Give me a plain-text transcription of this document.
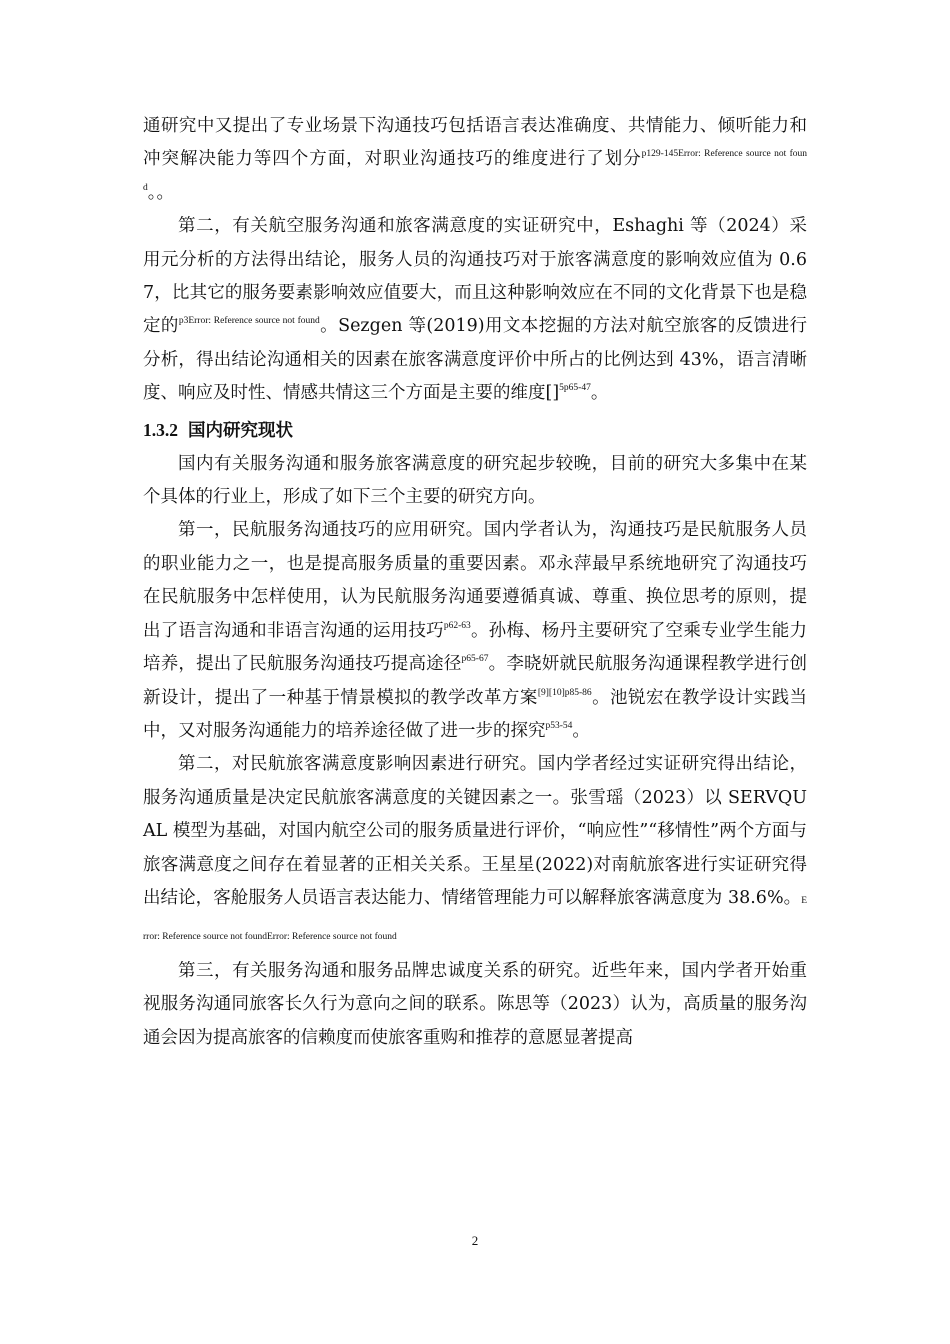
通研究中又提出了专业场景下沟通技巧包括语言表达准确度、共情能力、倾听能力和冲突解决能力等四个方面，对职业沟通技巧的维度进行了划分$^{p129-145Error: Reference source not found}$。。

第二，有关航空服务沟通和旅客满意度的实证研究中，Eshaghi 等（2024）采用元分析的方法得出结论，服务人员的沟通技巧对于旅客满意度的影响效应值为 0.67，比其它的服务要素影响效应值要大，而且这种影响效应在不同的文化背景下也是稳定的$^{p3Error: Reference source not found}$。Sezgen 等(2019)用文本挖掘的方法对航空旅客的反馈进行分析，得出结论沟通相关的因素在旅客满意度评价中所占的比例达到 43%，语言清晰度、响应及时性、情感共情这三个方面是主要的维度[]$^{5p65-47}$。

1.3.2 国内研究现状

国内有关服务沟通和服务旅客满意度的研究起步较晚，目前的研究大多集中在某个具体的行业上，形成了如下三个主要的研究方向。

第一，民航服务沟通技巧的应用研究。国内学者认为，沟通技巧是民航服务人员的职业能力之一，也是提高服务质量的重要因素。邓永萍最早系统地研究了沟通技巧在民航服务中怎样使用，认为民航服务沟通要遵循真诚、尊重、换位思考的原则，提出了语言沟通和非语言沟通的运用技巧$^{p62-63}$。孙梅、杨丹主要研究了空乘专业学生能力培养，提出了民航服务沟通技巧提高途径$^{p65-67}$。李晓妍就民航服务沟通课程教学进行创新设计，提出了一种基于情景模拟的教学改革方案$^{[9][10]p85-86}$。池锐宏在教学设计实践当中，又对服务沟通能力的培养途径做了进一步的探究$^{p53-54}$。

第二，对民航旅客满意度影响因素进行研究。国内学者经过实证研究得出结论，服务沟通质量是决定民航旅客满意度的关键因素之一。张雪瑶（2023）以 SERVQUAL 模型为基础，对国内航空公司的服务质量进行评价，“响应性”“移情性”两个方面与旅客满意度之间存在着显著的正相关关系。王星星(2022)对南航旅客进行实证研究得出结论，客舱服务人员语言表达能力、情绪管理能力可以解释旅客满意度为 38.6%。Error: Reference source not foundError: Reference source not found

第三，有关服务沟通和服务品牌忠诚度关系的研究。近些年来，国内学者开始重视服务沟通同旅客长久行为意向之间的联系。陈思等（2023）认为，高质量的服务沟通会因为提高旅客的信赖度而使旅客重购和推荐的意愿显著提高

2
